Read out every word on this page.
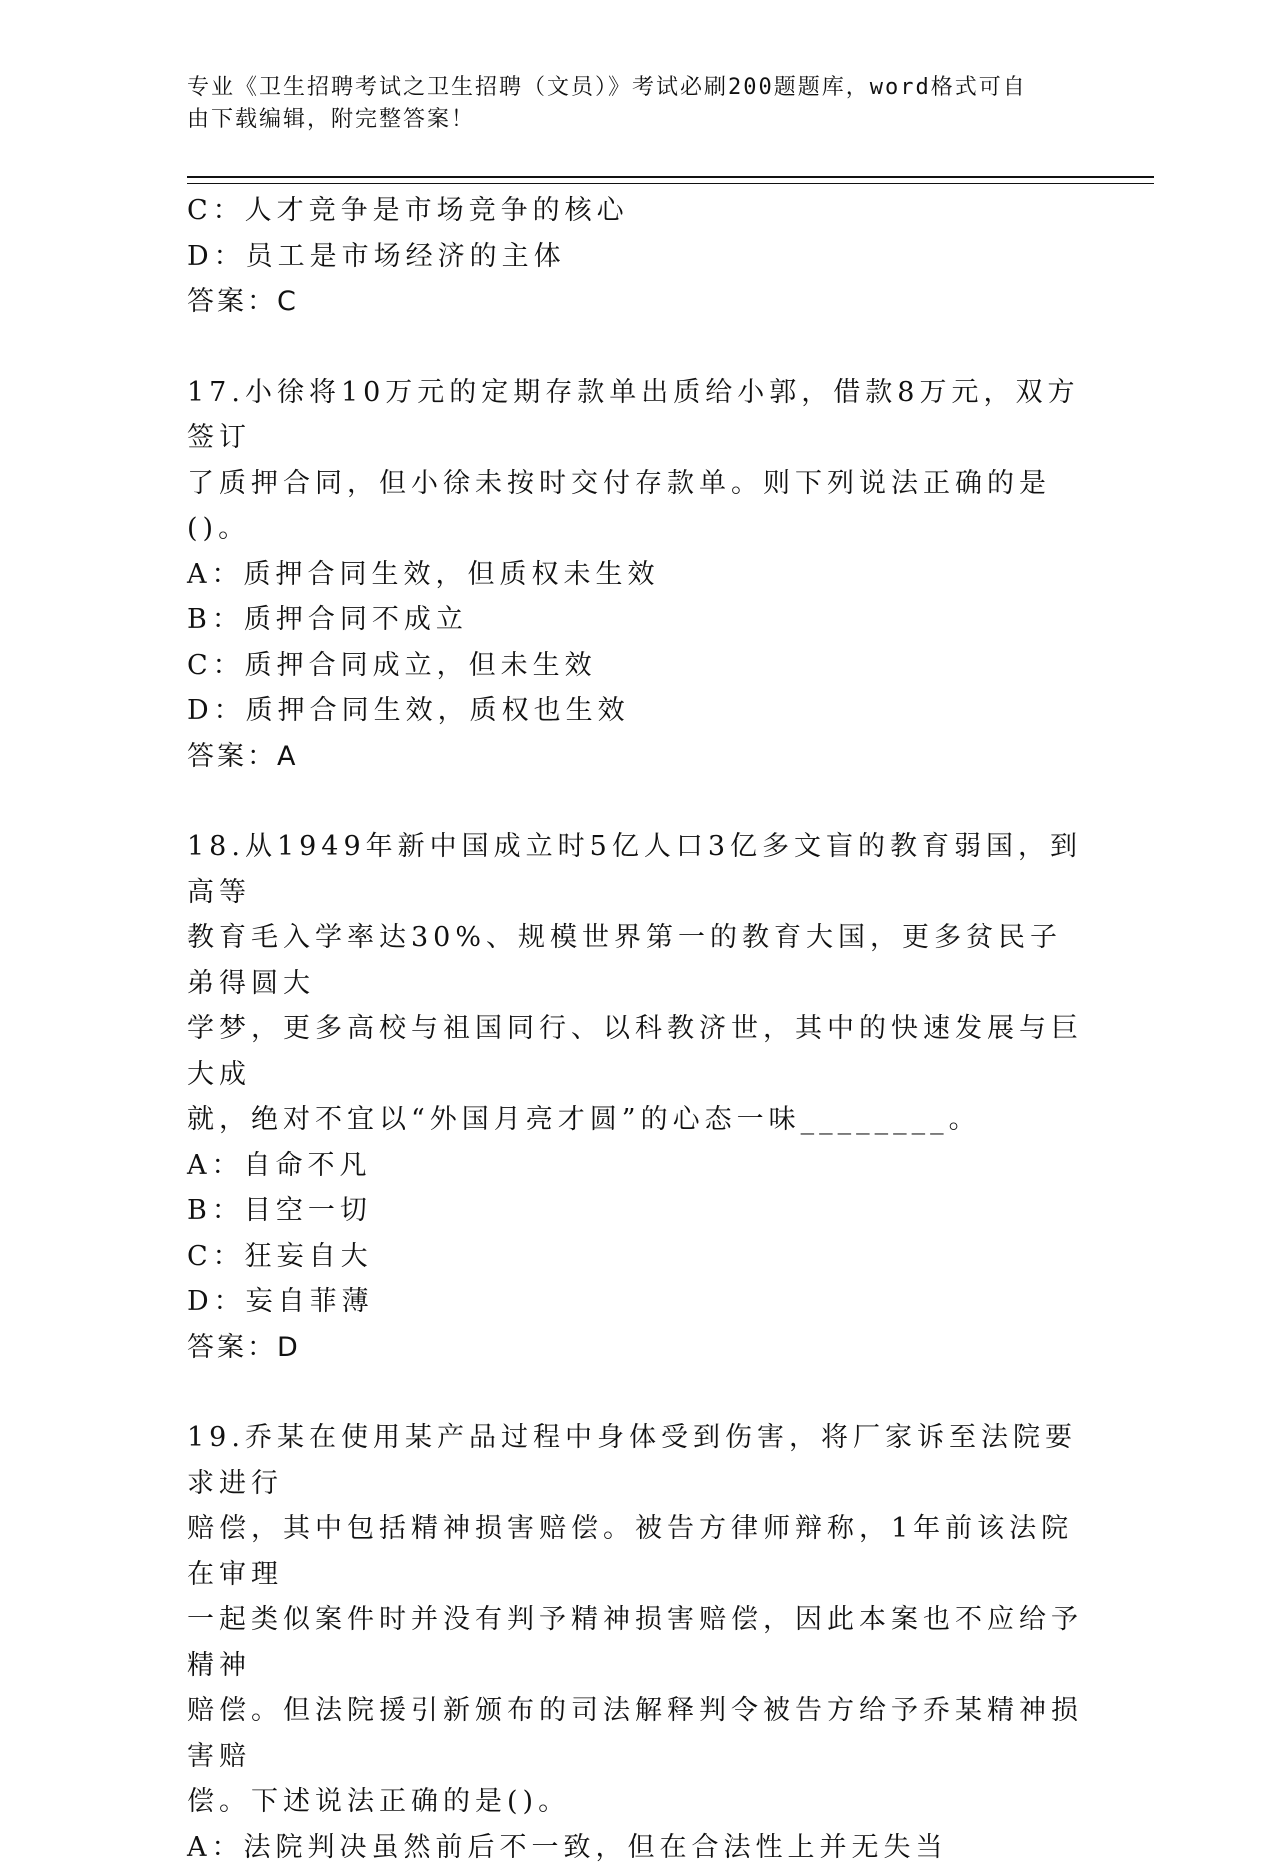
专业《卫生招聘考试之卫生招聘（文员）》考试必刷200题题库，word格式可自
由下载编辑，附完整答案！

C：人才竞争是市场竞争的核心

D：员工是市场经济的主体

答案：C

17.小徐将10万元的定期存款单出质给小郭，借款8万元，双方签订

了质押合同，但小徐未按时交付存款单。则下列说法正确的是()。

A：质押合同生效，但质权未生效

B：质押合同不成立

C：质押合同成立，但未生效

D：质押合同生效，质权也生效

答案：A

18.从1949年新中国成立时5亿人口3亿多文盲的教育弱国，到高等

教育毛入学率达30%、规模世界第一的教育大国，更多贫民子弟得圆大

学梦，更多高校与祖国同行、以科教济世，其中的快速发展与巨大成

就，绝对不宜以“外国月亮才圆”的心态一味________。

A：自命不凡

B：目空一切

C：狂妄自大

D：妄自菲薄

答案：D

19.乔某在使用某产品过程中身体受到伤害，将厂家诉至法院要求进行

赔偿，其中包括精神损害赔偿。被告方律师辩称，1年前该法院在审理

一起类似案件时并没有判予精神损害赔偿，因此本案也不应给予精神

赔偿。但法院援引新颁布的司法解释判令被告方给予乔某精神损害赔

偿。下述说法正确的是()。

A：法院判决虽然前后不一致，但在合法性上并无失当
